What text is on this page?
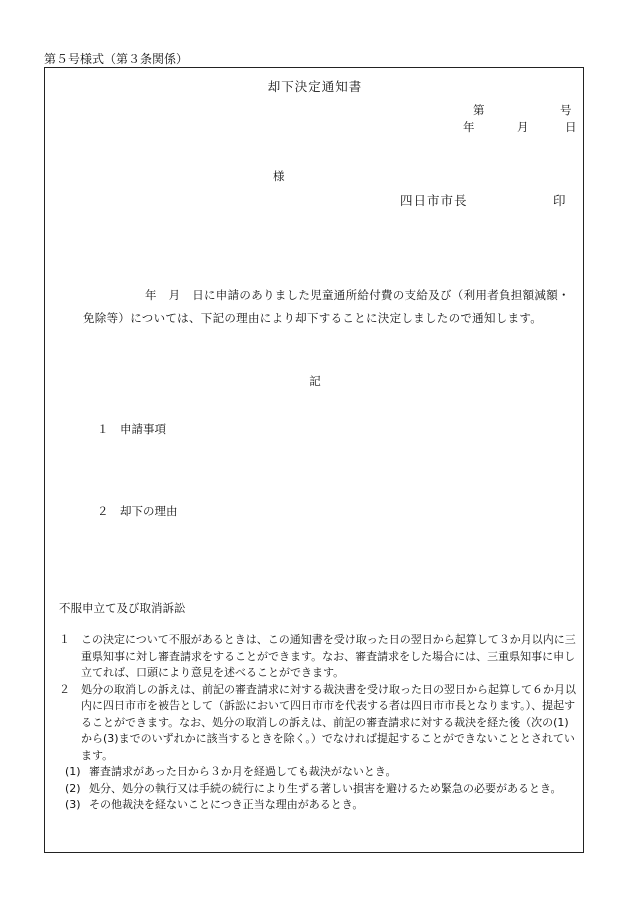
第５号様式（第３条関係）
却下決定通知書
第	号
年	月	日
様
四日市市長	印
年　月　日に申請のありました児童通所給付費の支給及び（利用者負担額減額・免除等）については、下記の理由により却下することに決定しましたので通知します。
記
１　申請事項
２　却下の理由
不服申立て及び取消訴訟
１	この決定について不服があるときは、この通知書を受け取った日の翌日から起算して３か月以内に三重県知事に対し審査請求をすることができます。なお、審査請求をした場合には、三重県知事に申し立てれば、口頭により意見を述べることができます。
２	処分の取消しの訴えは、前記の審査請求に対する裁決書を受け取った日の翌日から起算して６か月以内に四日市市を被告として（訴訟において四日市市を代表する者は四日市市長となります。）、提起することができます。なお、処分の取消しの訴えは、前記の審査請求に対する裁決を経た後（次の(1)から(3)までのいずれかに該当するときを除く。）でなければ提起することができないこととされています。
(1) 審査請求があった日から３か月を経過しても裁決がないとき。
(2) 処分、処分の執行又は手続の続行により生ずる著しい損害を避けるため緊急の必要があるとき。
(3) その他裁決を経ないことにつき正当な理由があるとき。
